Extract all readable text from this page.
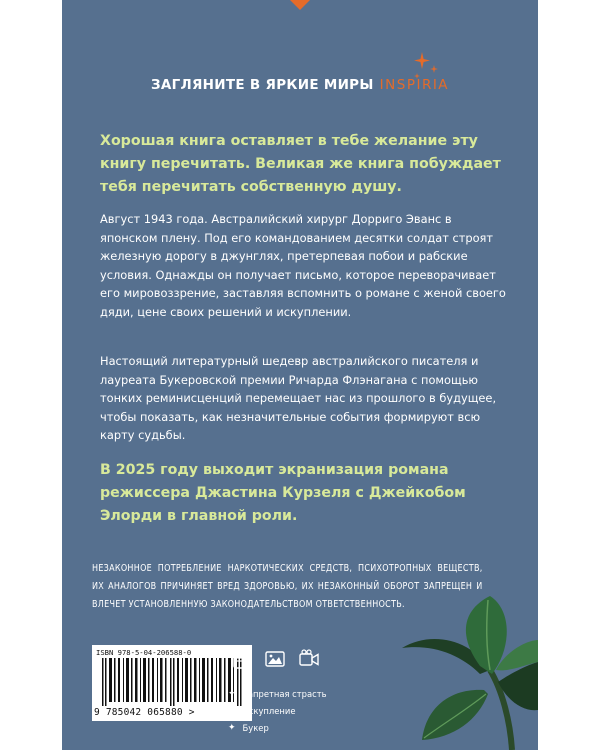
ЗАГЛЯНИТЕ В ЯРКИЕ МИРЫ INSPIRIA
Хорошая книга оставляет в тебе желание эту книгу перечитать. Великая же книга побуждает тебя перечитать собственную душу.
Август 1943 года. Австралийский хирург Дорриго Эванс в японском плену. Под его командованием десятки солдат строят железную дорогу в джунглях, претерпевая побои и рабские условия. Однажды он получает письмо, которое переворачивает его мировоззрение, заставляя вспомнить о романе с женой своего дяди, цене своих решений и искуплении.
Настоящий литературный шедевр австралийского писателя и лауреата Букеровской премии Ричарда Флэнагана с помощью тонких реминисценций перемещает нас из прошлого в будущее, чтобы показать, как незначительные события формируют всю карту судьбы.
В 2025 году выходит экранизация романа режиссера Джастина Курзеля с Джейкобом Элорди в главной роли.
НЕЗАКОННОЕ ПОТРЕБЛЕНИЕ НАРКОТИЧЕСКИХ СРЕДСТВ, ПСИХОТРОПНЫХ ВЕЩЕСТВ, ИХ АНАЛОГОВ ПРИЧИНЯЕТ ВРЕД ЗДОРОВЬЮ, ИХ НЕЗАКОННЫЙ ОБОРОТ ЗАПРЕЩЕН И ВЛЕЧЕТ УСТАНОВЛЕННУЮ ЗАКОНОДАТЕЛЬСТВОМ ОТВЕТСТВЕННОСТЬ.
ISBN 978-5-04-206588-0
9 785042 065880 >
✦ Запретная страсть
✦ Искупление
✦ Букер
